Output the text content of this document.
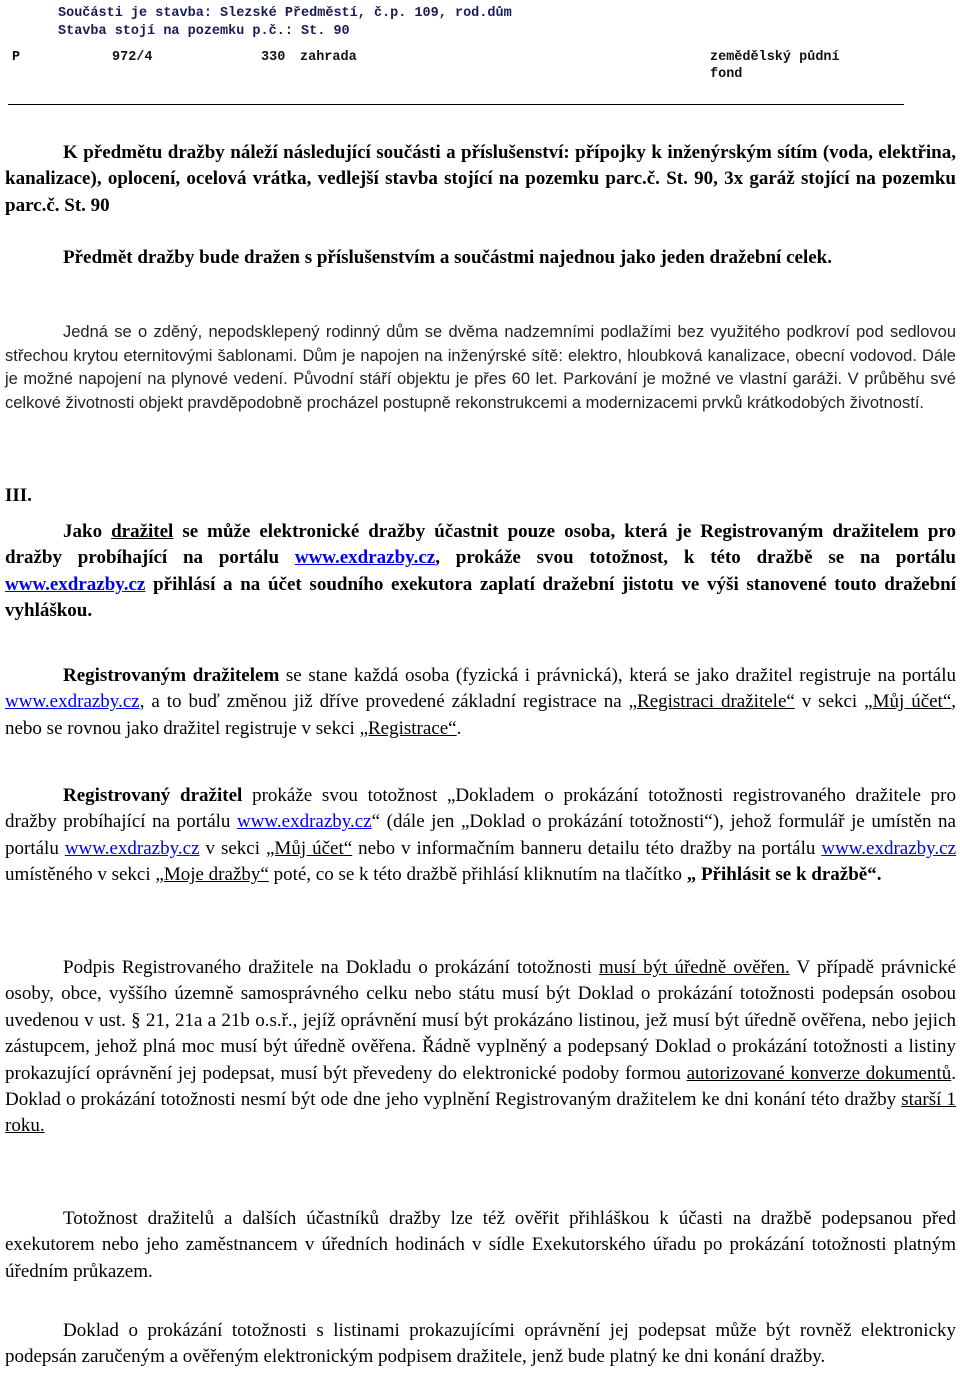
Součásti je stavba: Slezské Předměstí, č.p. 109, rod.dům
Stavba stojí na pozemku p.č.: St. 90
P	972/4	330 zahrada	zemědělský půdní
fond
K předmětu dražby náleží následující součásti a příslušenství: přípojky k inženýrským sítím (voda, elektřina, kanalizace), oplocení, ocelová vrátka, vedlejší stavba stojící na pozemku parc.č. St. 90, 3x garáž stojící na pozemku parc.č. St. 90
Předmět dražby bude dražen s příslušenstvím a součástmi najednou jako jeden dražební celek.
Jedná se o zděný, nepodsklepený rodinný dům se dvěma nadzemními podlažími bez využitého podkroví pod sedlovou střechou krytou eternitovými šablonami. Dům je napojen na inženýrské sítě: elektro, hloubková kanalizace, obecní vodovod. Dále je možné napojení na plynové vedení. Původní stáří objektu je přes 60 let. Parkování je možné ve vlastní garáži. V průběhu své celkové životnosti objekt pravděpodobně procházel postupně rekonstrukcemi a modernizacemi prvků krátkodobých životností.
III.
Jako dražitel se může elektronické dražby účastnit pouze osoba, která je Registrovaným dražitelem pro dražby probíhající na portálu www.exdrazby.cz, prokáže svou totožnost, k této dražbě se na portálu www.exdrazby.cz přihlásí a na účet soudního exekutora zaplatí dražební jistotu ve výši stanovené touto dražební vyhláškou.
Registrovaným dražitelem se stane každá osoba (fyzická i právnická), která se jako dražitel registruje na portálu www.exdrazby.cz, a to buď změnou již dříve provedené základní registrace na „Registraci dražitele“ v sekci „Můj účet“, nebo se rovnou jako dražitel registruje v sekci „Registrace“.
Registrovaný dražitel prokáže svou totožnost „Dokladem o prokázání totožnosti registrovaného dražitele pro dražby probíhající na portálu www.exdrazby.cz“ (dále jen „Doklad o prokázání totožnosti“), jehož formulář je umístěn na portálu www.exdrazby.cz v sekci „Můj účet“ nebo v informačním banneru detailu této dražby na portálu www.exdrazby.cz umístěného v sekci „Moje dražby“ poté, co se k této dražbě přihlásí kliknutím na tlačítko „ Přihlásit se k dražbě“.
Podpis Registrovaného dražitele na Dokladu o prokázání totožnosti musí být úředně ověřen. V případě právnické osoby, obce, vyššího územně samosprávného celku nebo státu musí být Doklad o prokázání totožnosti podepsán osobou uvedenou v ust. § 21, 21a a 21b o.s.ř., jejíž oprávnění musí být prokázáno listinou, jež musí být úředně ověřena, nebo jejich zástupcem, jehož plná moc musí být úředně ověřena. Řádně vyplněný a podepsaný Doklad o prokázání totožnosti a listiny prokazující oprávnění jej podepsat, musí být převedeny do elektronické podoby formou autorizované konverze dokumentů. Doklad o prokázání totožnosti nesmí být ode dne jeho vyplnění Registrovaným dražitelem ke dni konání této dražby starší 1 roku.
Totožnost dražitelů a dalších účastníků dražby lze též ověřit přihláškou k účasti na dražbě podepsanou před exekutorem nebo jeho zaměstnancem v úředních hodinách v sídle Exekutorského úřadu po prokázání totožnosti platným úředním průkazem.
Doklad o prokázání totožnosti s listinami prokazujícími oprávnění jej podepsat může být rovněž elektronicky podepsán zaručeným a ověřeným elektronickým podpisem dražitele, jenž bude platný ke dni konání dražby.
